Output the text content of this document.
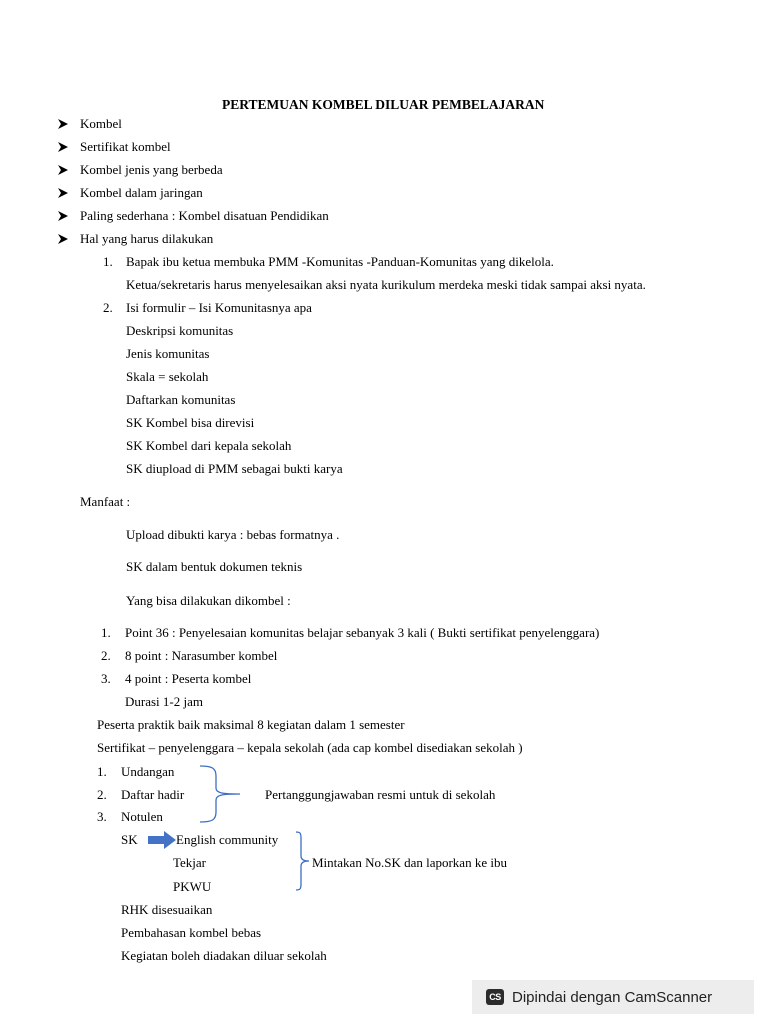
PERTEMUAN KOMBEL DILUAR PEMBELAJARAN
Kombel
Sertifikat kombel
Kombel jenis yang berbeda
Kombel dalam jaringan
Paling sederhana : Kombel disatuan Pendidikan
Hal yang harus dilakukan
1. Bapak ibu ketua membuka PMM -Komunitas -Panduan-Komunitas yang dikelola.
Ketua/sekretaris harus menyelesaikan aksi nyata kurikulum merdeka meski tidak sampai aksi nyata.
2. Isi formulir – Isi Komunitasnya apa
Deskripsi komunitas
Jenis komunitas
Skala = sekolah
Daftarkan komunitas
SK Kombel bisa direvisi
SK Kombel dari kepala sekolah
SK diupload di PMM sebagai bukti karya
Manfaat :
Upload dibukti karya : bebas formatnya .
SK dalam bentuk dokumen teknis
Yang bisa dilakukan dikombel :
1. Point 36 : Penyelesaian komunitas belajar sebanyak 3 kali ( Bukti sertifikat penyelenggara)
2. 8 point : Narasumber kombel
3. 4 point : Peserta kombel
Durasi 1-2 jam
Peserta praktik baik maksimal 8 kegiatan dalam 1 semester
Sertifikat – penyelenggara – kepala sekolah (ada cap kombel disediakan sekolah )
1. Undangan
2. Daftar hadir
3. Notulen
Pertanggungjawaban resmi untuk di sekolah
SK	English community
Tekjar
PKWU
Mintakan No.SK dan laporkan ke ibu
RHK disesuaikan
Pembahasan kombel bebas
Kegiatan boleh diadakan diluar sekolah
CS Dipindai dengan CamScanner
